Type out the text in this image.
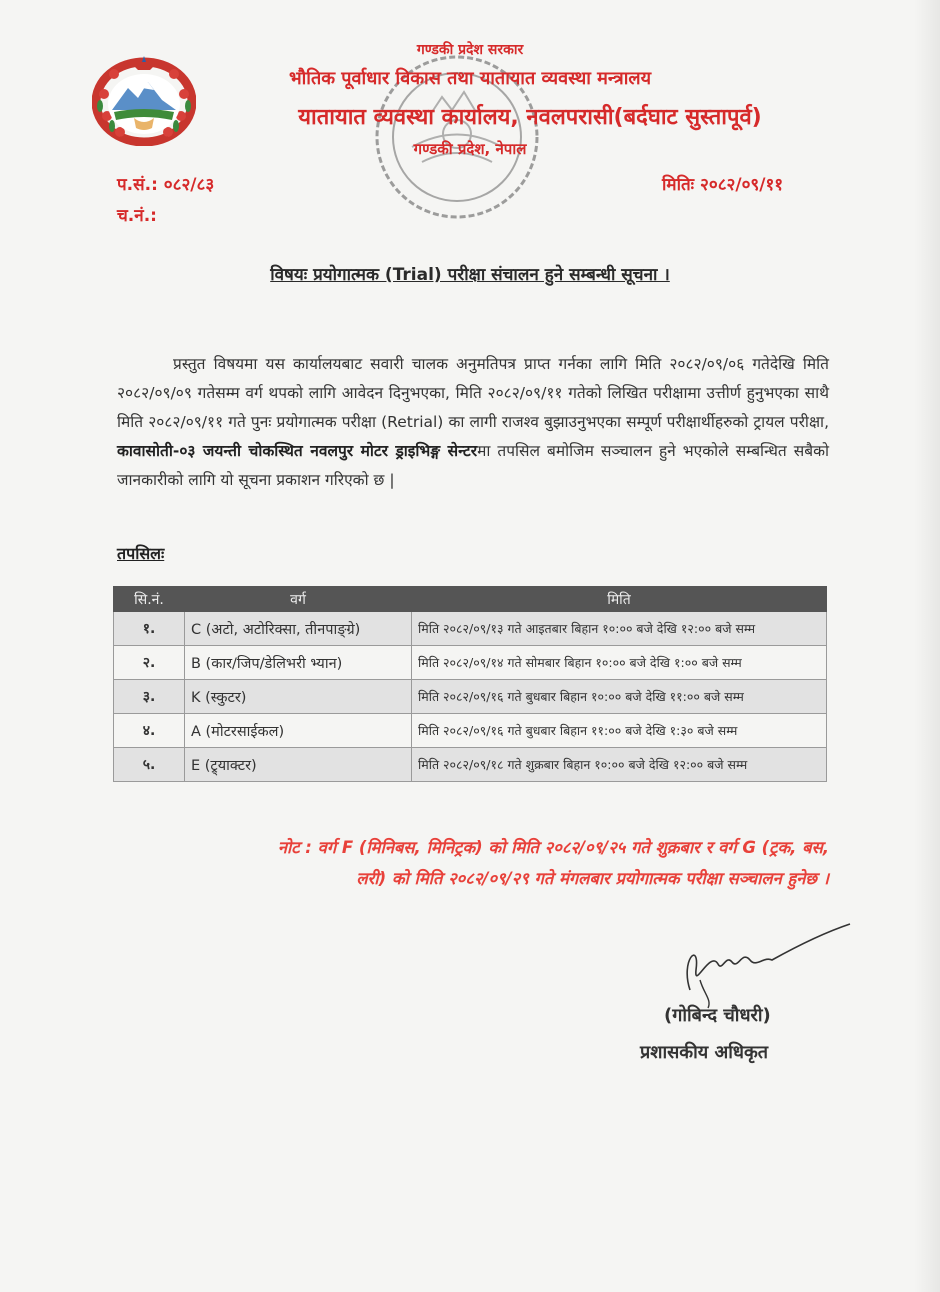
गण्डकी प्रदेश सरकार
भौतिक पूर्वाधार विकास तथा यातायात व्यवस्था मन्त्रालय
यातायात व्यवस्था कार्यालय, नवलपरासी(बर्दघाट सुस्तापूर्व)
गण्डकी प्रदेश, नेपाल
प.सं.: ०८२/८३
च.नं.:
मितिः २०८२/०९/११
विषयः प्रयोगात्मक (Trial) परीक्षा संचालन हुने सम्बन्धी सूचना ।

प्रस्तुत विषयमा यस कार्यालयबाट सवारी चालक अनुमतिपत्र प्राप्त गर्नका लागि मिति २०८२/०९/०६ गतेदेखि मिति २०८२/०९/०९ गतेसम्म वर्ग थपको लागि आवेदन दिनुभएका, मिति २०८२/०९/११ गतेको लिखित परीक्षामा उत्तीर्ण हुनुभएका साथै मिति २०८२/०९/११ गते पुनः प्रयोगात्मक परीक्षा (Retrial) का लागी राजश्व बुझाउनुभएका सम्पूर्ण परीक्षार्थीहरुको ट्रायल परीक्षा, कावासोती-०३ जयन्ती चोकस्थित नवलपुर मोटर ड्राइभिङ्ग सेन्टरमा तपसिल बमोजिम सञ्चालन हुने भएकोले सम्बन्धित सबैको जानकारीको लागि यो सूचना प्रकाशन गरिएको छ |

तपसिलः
सि.नं.	वर्ग	मिति
१.	C (अटो, अटोरिक्सा, तीनपाङ्ग्रे)	मिति २०८२/०९/१३ गते आइतबार बिहान १०:०० बजे देखि १२:०० बजे सम्म
२.	B (कार/जिप/डेलिभरी भ्यान)	मिति २०८२/०९/१४ गते सोमबार बिहान १०:०० बजे देखि १:०० बजे सम्म
३.	K (स्कुटर)	मिति २०८२/०९/१६ गते बुधबार बिहान १०:०० बजे देखि ११:०० बजे सम्म
४.	A (मोटरसाईकल)	मिति २०८२/०९/१६ गते बुधबार बिहान ११:०० बजे देखि १:३० बजे सम्म
५.	E (ट्र्याक्टर)	मिति २०८२/०९/१८ गते शुक्रबार बिहान १०:०० बजे देखि १२:०० बजे सम्म
नोट : वर्ग F (मिनिबस, मिनिट्रक) को मिति २०८२/०९/२५ गते शुक्रबार र वर्ग G (ट्रक, बस,
लरी) को मिति २०८२/०९/२९ गते मंगलबार प्रयोगात्मक परीक्षा सञ्चालन हुनेछ ।
(गोबिन्द चौधरी)
प्रशासकीय अधिकृत
